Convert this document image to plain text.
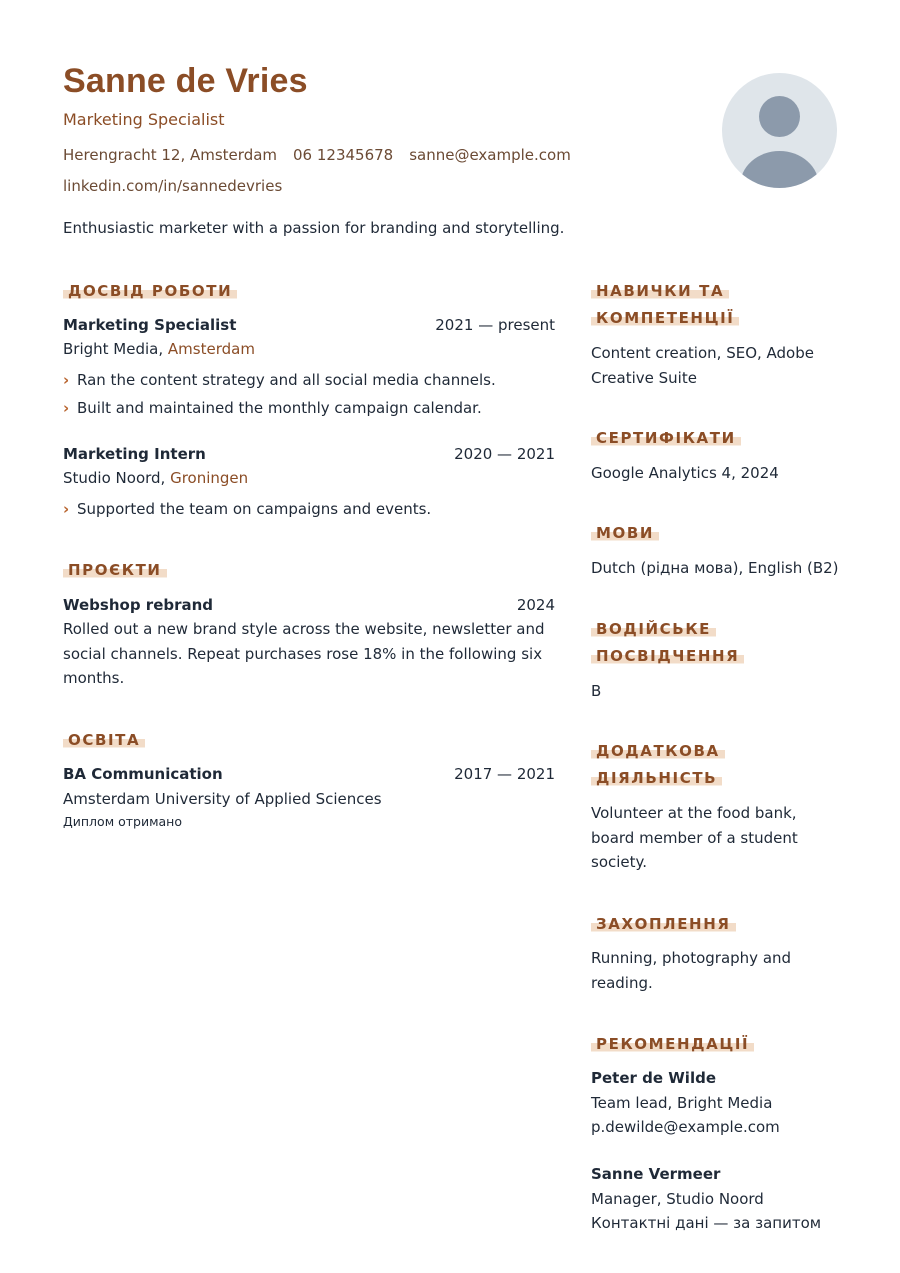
Sanne de Vries
Marketing Specialist
Herengracht 12, Amsterdam 06 12345678 sanne@example.com
linkedin.com/in/sannedevries
Enthusiastic marketer with a passion for branding and storytelling.
ДОСВІД РОБОТИ
Marketing Specialist	2021 — present
Bright Media, Amsterdam
› Ran the content strategy and all social media channels.
› Built and maintained the monthly campaign calendar.
Marketing Intern	2020 — 2021
Studio Noord, Groningen
› Supported the team on campaigns and events.
ПРОЄКТИ
Webshop rebrand	2024
Rolled out a new brand style across the website, newsletter and social channels. Repeat purchases rose 18% in the following six months.
ОСВІТА
BA Communication	2017 — 2021
Amsterdam University of Applied Sciences
Диплом отримано
НАВИЧКИ ТА КОМПЕТЕНЦІЇ
Content creation, SEO, Adobe Creative Suite
СЕРТИФІКАТИ
Google Analytics 4, 2024
МОВИ
Dutch (рідна мова), English (B2)
ВОДІЙСЬКЕ ПОСВІДЧЕННЯ
B
ДОДАТКОВА ДІЯЛЬНІСТЬ
Volunteer at the food bank, board member of a student society.
ЗАХОПЛЕННЯ
Running, photography and reading.
РЕКОМЕНДАЦІЇ
Peter de Wilde
Team lead, Bright Media
p.dewilde@example.com
Sanne Vermeer
Manager, Studio Noord
Контактні дані — за запитом
